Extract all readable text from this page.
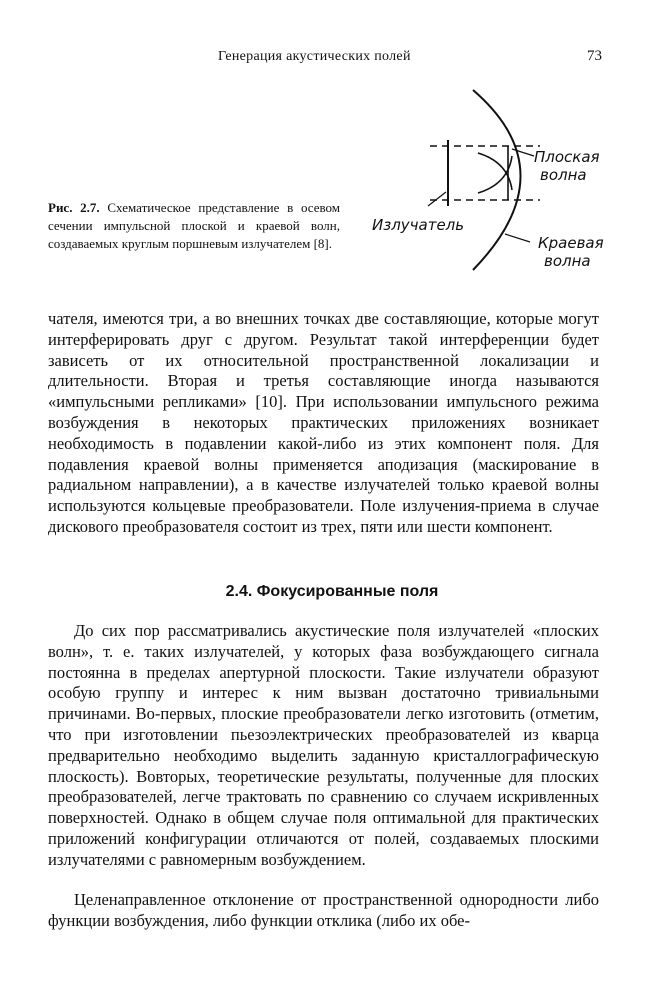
Генерация акустических полей	73
Рис. 2.7. Схематическое представление в осевом сечении импульсной плоской и краевой волн, создаваемых круглым поршневым излучателем [8].
Плоская
волна
Излучатель
Краевая
волна

чателя, имеются три, а во внешних точках две составляющие, которые могут интерферировать друг с другом. Результат такой интерференции будет зависеть от их относительной пространственной локализации и длительности. Вторая и третья составляющие иногда называются «импульсными репликами» [10]. При использовании импульсного режима возбуждения в некоторых практических приложениях возникает необходимость в подавлении какой-либо из этих компонент поля. Для подавления краевой волны применяется аподизация (маскирование в радиальном направлении), а в качестве излучателей только краевой волны используются кольцевые преобразователи. Поле излучения-приема в случае дискового преобразователя состоит из трех, пяти или шести компонент.

2.4. Фокусированные поля

До сих пор рассматривались акустические поля излучателей «плоских волн», т. е. таких излучателей, у которых фаза возбуждающего сигнала постоянна в пределах апертурной плоскости. Такие излучатели образуют особую группу и интерес к ним вызван достаточно тривиальными причинами. Во-первых, плоские преобразователи легко изготовить (отметим, что при изготовлении пьезоэлектрических преобразователей из кварца предварительно необходимо выделить заданную кристаллографическую плоскость). Вовторых, теоретические результаты, полученные для плоских преобразователей, легче трактовать по сравнению со случаем искривленных поверхностей. Однако в общем случае поля оптимальной для практических приложений конфигурации отличаются от полей, создаваемых плоскими излучателями с равномерным возбуждением.

Целенаправленное отклонение от пространственной однородности либо функции возбуждения, либо функции отклика (либо их обе-
